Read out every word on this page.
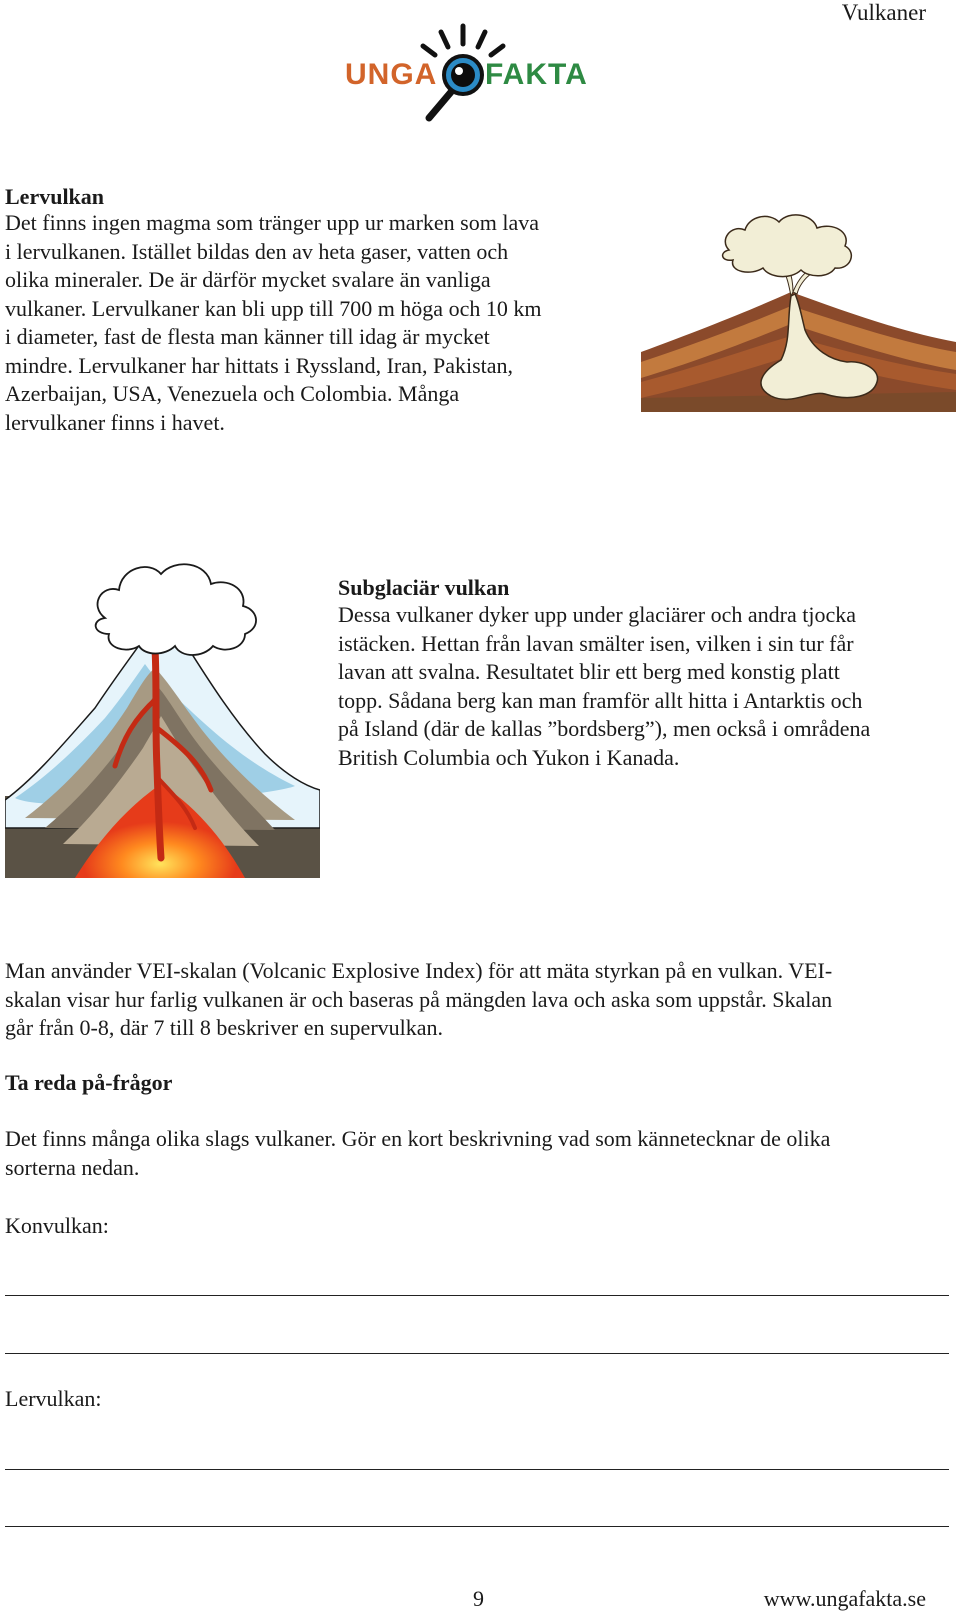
Vulkaner
UNGA FAKTA
Lervulkan
Det finns ingen magma som tränger upp ur marken som lava
i lervulkanen. Istället bildas den av heta gaser, vatten och
olika mineraler. De är därför mycket svalare än vanliga
vulkaner. Lervulkaner kan bli upp till 700 m höga och 10 km
i diameter, fast de flesta man känner till idag är mycket
mindre. Lervulkaner har hittats i Ryssland, Iran, Pakistan,
Azerbaijan, USA, Venezuela och Colombia. Många
lervulkaner finns i havet.
Subglaciär vulkan
Dessa vulkaner dyker upp under glaciärer och andra tjocka
istäcken. Hettan från lavan smälter isen, vilken i sin tur får
lavan att svalna. Resultatet blir ett berg med konstig platt
topp. Sådana berg kan man framför allt hitta i Antarktis och
på Island (där de kallas ”bordsberg”), men också i områdena
British Columbia och Yukon i Kanada.
Man använder VEI-skalan (Volcanic Explosive Index) för att mäta styrkan på en vulkan. VEI-
skalan visar hur farlig vulkanen är och baseras på mängden lava och aska som uppstår. Skalan
går från 0-8, där 7 till 8 beskriver en supervulkan.
Ta reda på-frågor
Det finns många olika slags vulkaner. Gör en kort beskrivning vad som kännetecknar de olika
sorterna nedan.
Konvulkan:
Lervulkan:
9	www.ungafakta.se
